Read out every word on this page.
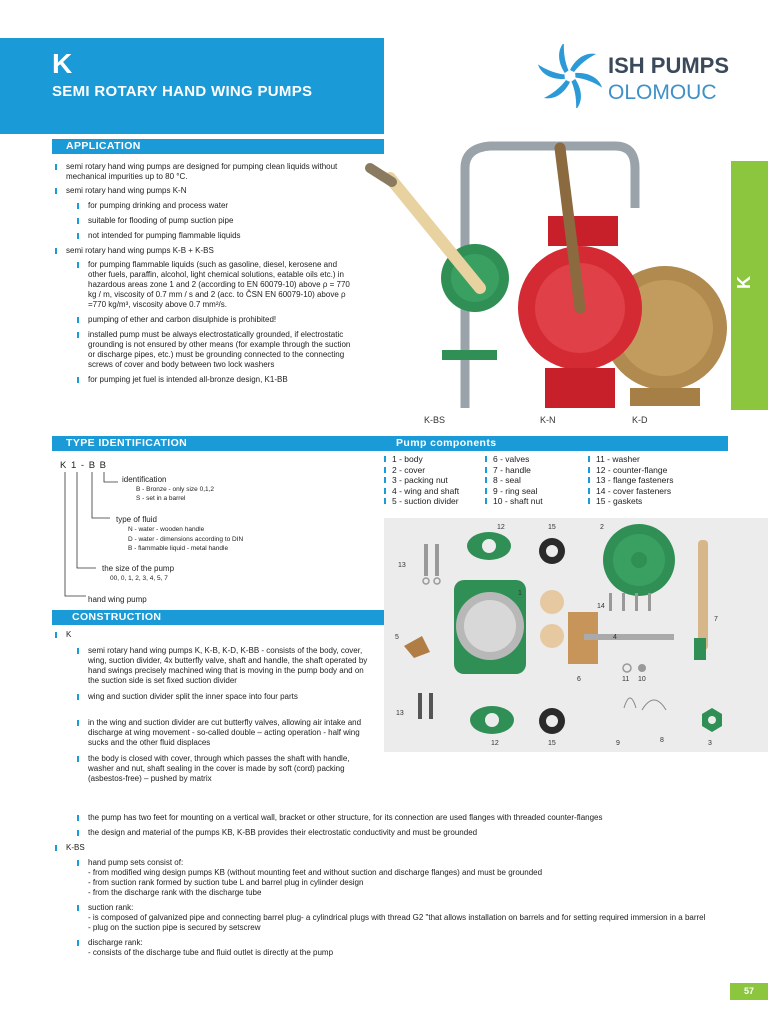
K
SEMI ROTARY HAND WING PUMPS
ISH PUMPS
OLOMOUC
K
K-BS	K-N	K-D
APPLICATION
semi rotary hand wing pumps are designed for pumping clean liquids without mechanical impurities up to 80 °C.
semi rotary hand wing pumps K-N
for pumping drinking and process water
suitable for flooding of pump suction pipe
not intended for pumping flammable liquids
semi rotary hand wing pumps K-B + K-BS
for pumping flammable liquids (such as gasoline, diesel, kerosene and other fuels, paraffin, alcohol, light chemical solutions, eatable oils etc.) in hazardous areas zone 1 and 2 (according to EN 60079-10) above ρ = 770 kg / m, viscosity of 0.7 mm / s and 2 (acc. to ČSN EN 60079-10) above ρ =770 kg/m³, viscosity above 0.7 mm²/s.
pumping of ether and carbon disulphide is prohibited!
installed pump must be always electrostatically grounded, if electrostatic grounding is not ensured by other means (for example through the suction or discharge pipes, etc.) must be grounding connected to the connecting screws of cover and body between two lock washers
for pumping jet fuel is intended all-bronze design, K1-BB
TYPE IDENTIFICATION
K 1 - B B
identification
B - Bronze - only size 0,1,2
S - set in a barrel
type of fluid
N - water - wooden handle
D - water - dimensions according to DIN
B - flammable liquid - metal handle
the size of the pump
00, 0, 1, 2, 3, 4, 5, 7
hand wing pump
Pump components
1 - body
2 - cover
3 - packing nut
4 - wing and shaft
5 - suction divider
6 - valves
7 - handle
8 - seal
9 - ring seal
10 - shaft nut
11 - washer
12 - counter-flange
13 - flange fasteners
14 - cover fasteners
15 - gaskets
12	15	2
13
1
14
7
5	4
6	11 10
13
12	15	9	8	3
CONSTRUCTION
K
semi rotary hand wing pumps K, K-B, K-D, K-BB - consists of the body, cover, wing, suction divider, 4x butterfly valve, shaft and handle, the shaft operated by hand swings precisely machined wing that is moving in the pump body and on the suction side is set fixed suction divider
wing and suction divider split the inner space into four parts
in the wing and suction divider are cut butterfly valves, allowing air intake and discharge at wing movement - so-called double – acting operation - half wing sucks and the other fluid displaces
the body is closed with cover, through which passes the shaft with handle, washer and nut, shaft sealing in the cover is made by soft (cord) packing (asbestos-free) – pushed by matrix
the pump has two feet for mounting on a vertical wall, bracket or other structure, for its connection are used flanges with threaded counter-flanges
the design and material of the pumps KB, K-BB provides their electrostatic conductivity and must be grounded
K-BS
hand pump sets consist of:
- from modified wing design pumps KB (without mounting feet and without suction and discharge flanges) and must be grounded
- from suction rank formed by suction tube L and barrel plug in cylinder design
- from the discharge rank with the discharge tube
suction rank:
- is composed of galvanized pipe and connecting barrel plug- a cylindrical plugs with thread G2 "that allows installation on barrels and for setting required immersion in a barrel
- plug on the suction pipe is secured by setscrew
discharge rank:
- consists of the discharge tube and fluid outlet is directly at the pump
57
